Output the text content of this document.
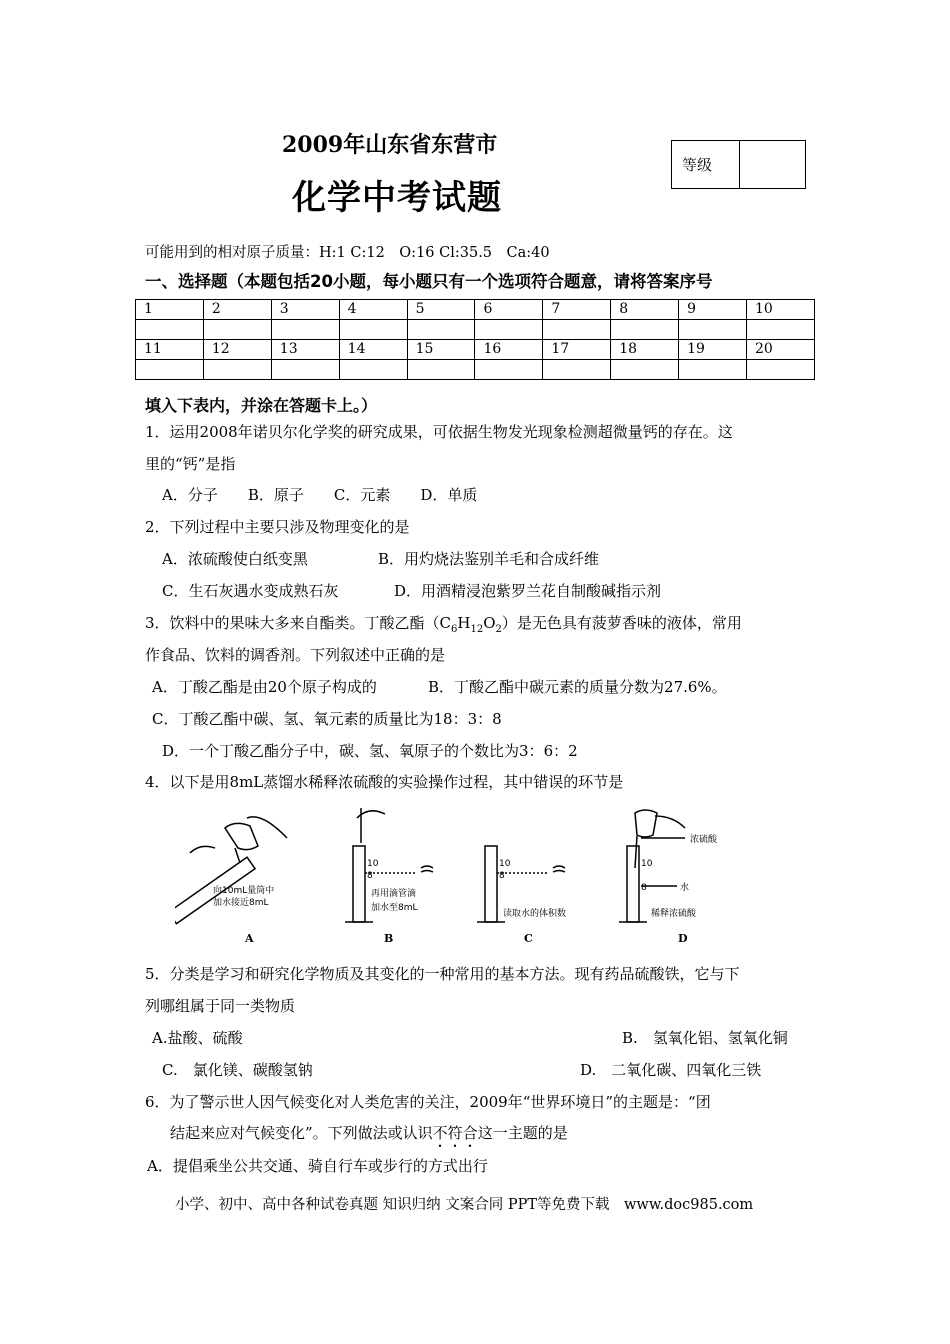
2009年山东省东营市
化学中考试题
等级
可能用到的相对原子质量：H:1 C:12　O:16 Cl:35.5　Ca:40
一、选择题（本题包括20小题，每小题只有一个选项符合题意，请将答案序号
1	2	3	4	5	6	7	8	9	10

11	12	13	14	15	16	17	18	19	20

填入下表内，并涂在答题卡上。）
1．运用2008年诺贝尔化学奖的研究成果，可依据生物发光现象检测超微量钙的存在。这
里的“钙”是指
A．分子　　B．原子　　C．元素　　D．单质
2．下列过程中主要只涉及物理变化的是
A．浓硫酸使白纸变黑	B．用灼烧法鉴别羊毛和合成纤维
C．生石灰遇水变成熟石灰	D．用酒精浸泡紫罗兰花自制酸碱指示剂
3．饮料中的果味大多来自酯类。丁酸乙酯$(C_6H_{12}O_2)$是无色具有菠萝香味的液体，常用
作食品、饮料的调香剂。下列叙述中正确的是
A．丁酸乙酯是由20个原子构成的	B．丁酸乙酯中碳元素的质量分数为27.6%。
C．丁酸乙酯中碳、氢、氧元素的质量比为18：3：8
D．一个丁酸乙酯分子中，碳、氢、氧原子的个数比为3：6：2
4．以下是用8mL蒸馏水稀释浓硫酸的实验操作过程，其中错误的环节是
向10mL量筒中
加水接近8mL
再用滴管滴
加水至8mL
读取水的体积数
浓硫酸
水
稀释浓硫酸
10
8
10
8
10
8
A	B	C	D
5．分类是学习和研究化学物质及其变化的一种常用的基本方法。现有药品硫酸铁，它与下
列哪组属于同一类物质
A.盐酸、硫酸	B.　氢氧化铝、氢氧化铜
C.　氯化镁、碳酸氢钠	D.　二氧化碳、四氧化三铁
6．为了警示世人因气候变化对人类危害的关注，2009年“世界环境日”的主题是：“团
结起来应对气候变化”。下列做法或认识不符合这一主题的是
A．提倡乘坐公共交通、骑自行车或步行的方式出行
小学、初中、高中各种试卷真题 知识归纳 文案合同 PPT等免费下载　www.doc985.com
